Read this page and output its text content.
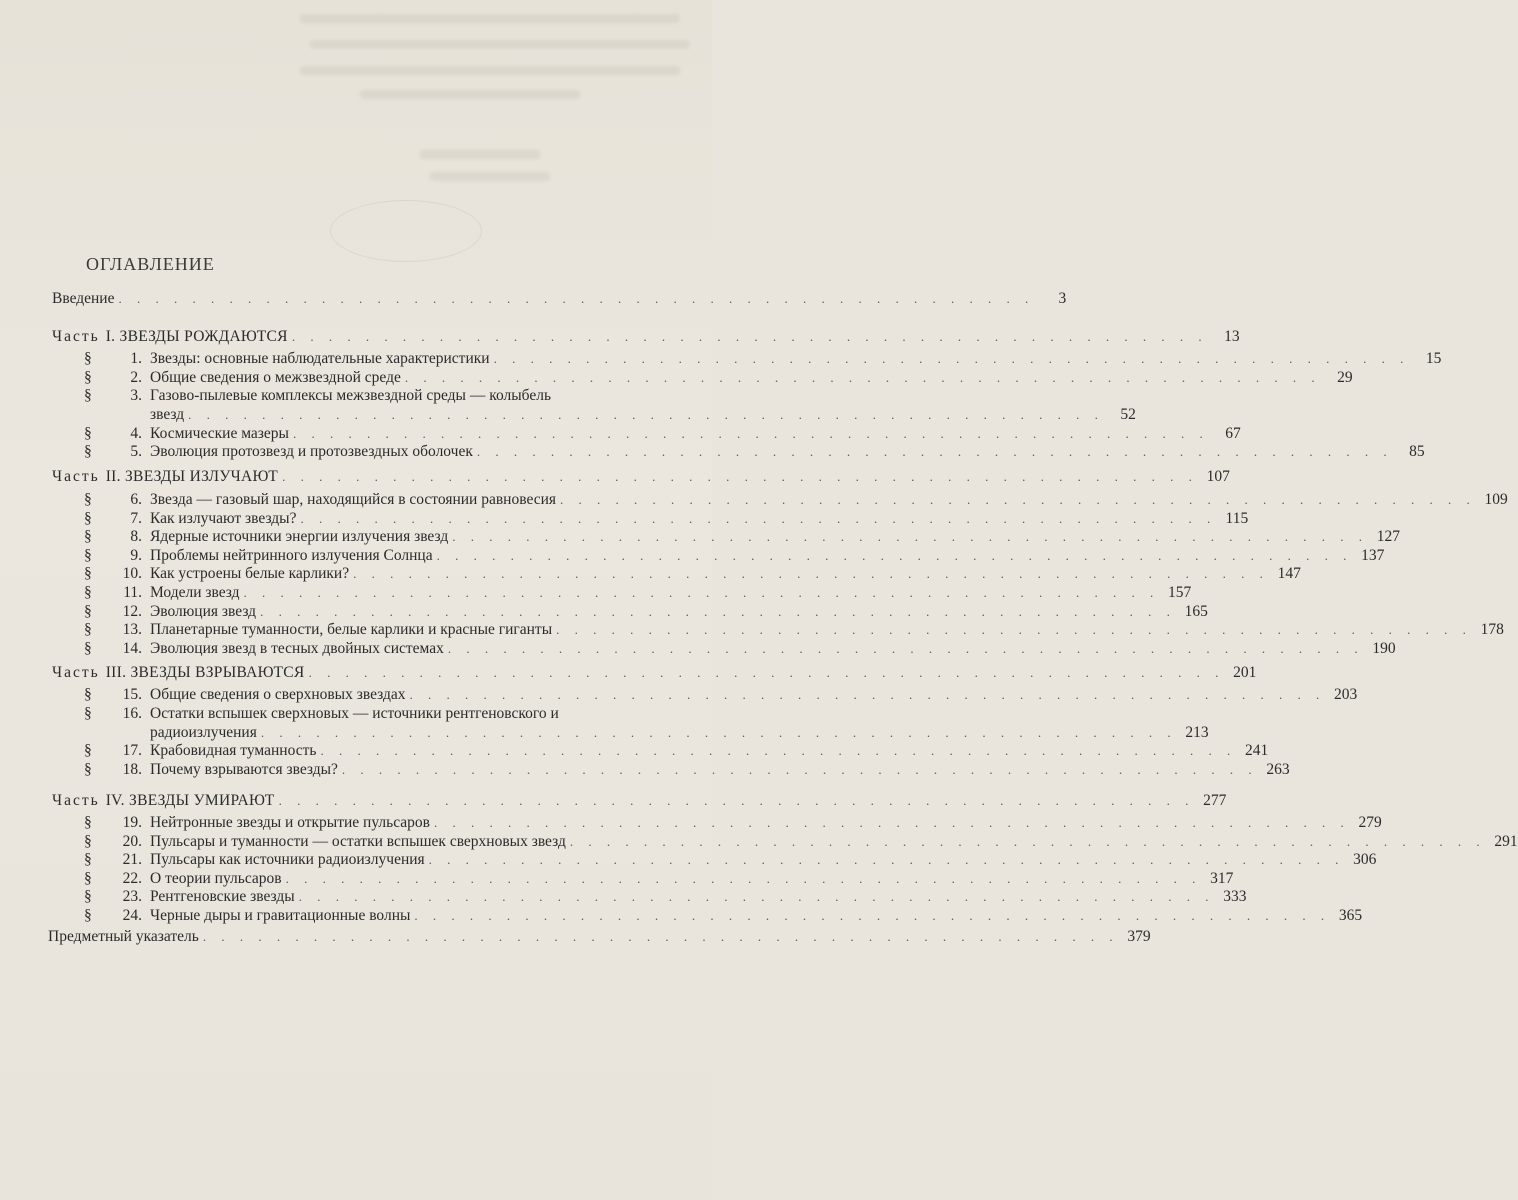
ОГЛАВЛЕНИЕ
Введение . . . . . . . . . . . . . . . . . . . . . . . . . . . . . . . . . . . . . . . . . . . . . . . . . .	3
Часть I. ЗВЕЗДЫ РОЖДАЮТСЯ . . . . . . . . . . . . . . . . . . . . . . . . . . . . . . . . . . . . . . . . . . . . . . . . . .	13
§ 1. Звезды: основные наблюдательные характеристики . . . . . . . . . . . . . . . . . . . . . . . . . . . . . . . . . . . . . . . . . . . . . . . . . .	15
§ 2. Общие сведения о межзвездной среде . . . . . . . . . . . . . . . . . . . . . . . . . . . . . . . . . . . . . . . . . . . . . . . . . .	29
§ 3. Газово-пылевые комплексы межзвездной среды — колыбель
звезд . . . . . . . . . . . . . . . . . . . . . . . . . . . . . . . . . . . . . . . . . . . . . . . . . .	52
§ 4. Космические мазеры . . . . . . . . . . . . . . . . . . . . . . . . . . . . . . . . . . . . . . . . . . . . . . . . . .	67
§ 5. Эволюция протозвезд и протозвездных оболочек . . . . . . . . . . . . . . . . . . . . . . . . . . . . . . . . . . . . . . . . . . . . . . . . . .	85
Часть II. ЗВЕЗДЫ ИЗЛУЧАЮТ . . . . . . . . . . . . . . . . . . . . . . . . . . . . . . . . . . . . . . . . . . . . . . . . . . 107
§ 6. Звезда — газовый шар, находящийся в состоянии равновесия . . . . . . . . . . . . . . . . . . . . . . . . . . . . . . . . . . . . . . . . . . . . . . . . . . 109
§ 7. Как излучают звезды? . . . . . . . . . . . . . . . . . . . . . . . . . . . . . . . . . . . . . . . . . . . . . . . . . . 115
§ 8. Ядерные источники энергии излучения звезд . . . . . . . . . . . . . . . . . . . . . . . . . . . . . . . . . . . . . . . . . . . . . . . . . . 127
§ 9. Проблемы нейтринного излучения Солнца . . . . . . . . . . . . . . . . . . . . . . . . . . . . . . . . . . . . . . . . . . . . . . . . . . 137
§ 10. Как устроены белые карлики? . . . . . . . . . . . . . . . . . . . . . . . . . . . . . . . . . . . . . . . . . . . . . . . . . . 147
§ 11. Модели звезд . . . . . . . . . . . . . . . . . . . . . . . . . . . . . . . . . . . . . . . . . . . . . . . . . . 157
§ 12. Эволюция звезд . . . . . . . . . . . . . . . . . . . . . . . . . . . . . . . . . . . . . . . . . . . . . . . . . . 165
§ 13. Планетарные туманности, белые карлики и красные гиганты . . . . . . . . . . . . . . . . . . . . . . . . . . . . . . . . . . . . . . . . . . . . . . . . . . 178
§ 14. Эволюция звезд в тесных двойных системах . . . . . . . . . . . . . . . . . . . . . . . . . . . . . . . . . . . . . . . . . . . . . . . . . . 190
Часть III. ЗВЕЗДЫ ВЗРЫВАЮТСЯ . . . . . . . . . . . . . . . . . . . . . . . . . . . . . . . . . . . . . . . . . . . . . . . . . . 201
§ 15. Общие сведения о сверхновых звездах . . . . . . . . . . . . . . . . . . . . . . . . . . . . . . . . . . . . . . . . . . . . . . . . . . 203
§ 16. Остатки вспышек сверхновых — источники рентгеновского и
радиоизлучения . . . . . . . . . . . . . . . . . . . . . . . . . . . . . . . . . . . . . . . . . . . . . . . . . . 213
§ 17. Крабовидная туманность . . . . . . . . . . . . . . . . . . . . . . . . . . . . . . . . . . . . . . . . . . . . . . . . . . 241
§ 18. Почему взрываются звезды? . . . . . . . . . . . . . . . . . . . . . . . . . . . . . . . . . . . . . . . . . . . . . . . . . . 263
Часть IV. ЗВЕЗДЫ УМИРАЮТ . . . . . . . . . . . . . . . . . . . . . . . . . . . . . . . . . . . . . . . . . . . . . . . . . . 277
§ 19. Нейтронные звезды и открытие пульсаров . . . . . . . . . . . . . . . . . . . . . . . . . . . . . . . . . . . . . . . . . . . . . . . . . . 279
§ 20. Пульсары и туманности — остатки вспышек сверхновых звезд . . . . . . . . . . . . . . . . . . . . . . . . . . . . . . . . . . . . . . . . . . . . . . . . . . 291
§ 21. Пульсары как источники радиоизлучения . . . . . . . . . . . . . . . . . . . . . . . . . . . . . . . . . . . . . . . . . . . . . . . . . . 306
§ 22. О теории пульсаров . . . . . . . . . . . . . . . . . . . . . . . . . . . . . . . . . . . . . . . . . . . . . . . . . . 317
§ 23. Рентгеновские звезды . . . . . . . . . . . . . . . . . . . . . . . . . . . . . . . . . . . . . . . . . . . . . . . . . . 333
§ 24. Черные дыры и гравитационные волны . . . . . . . . . . . . . . . . . . . . . . . . . . . . . . . . . . . . . . . . . . . . . . . . . . 365
Предметный указатель . . . . . . . . . . . . . . . . . . . . . . . . . . . . . . . . . . . . . . . . . . . . . . . . . . 379
